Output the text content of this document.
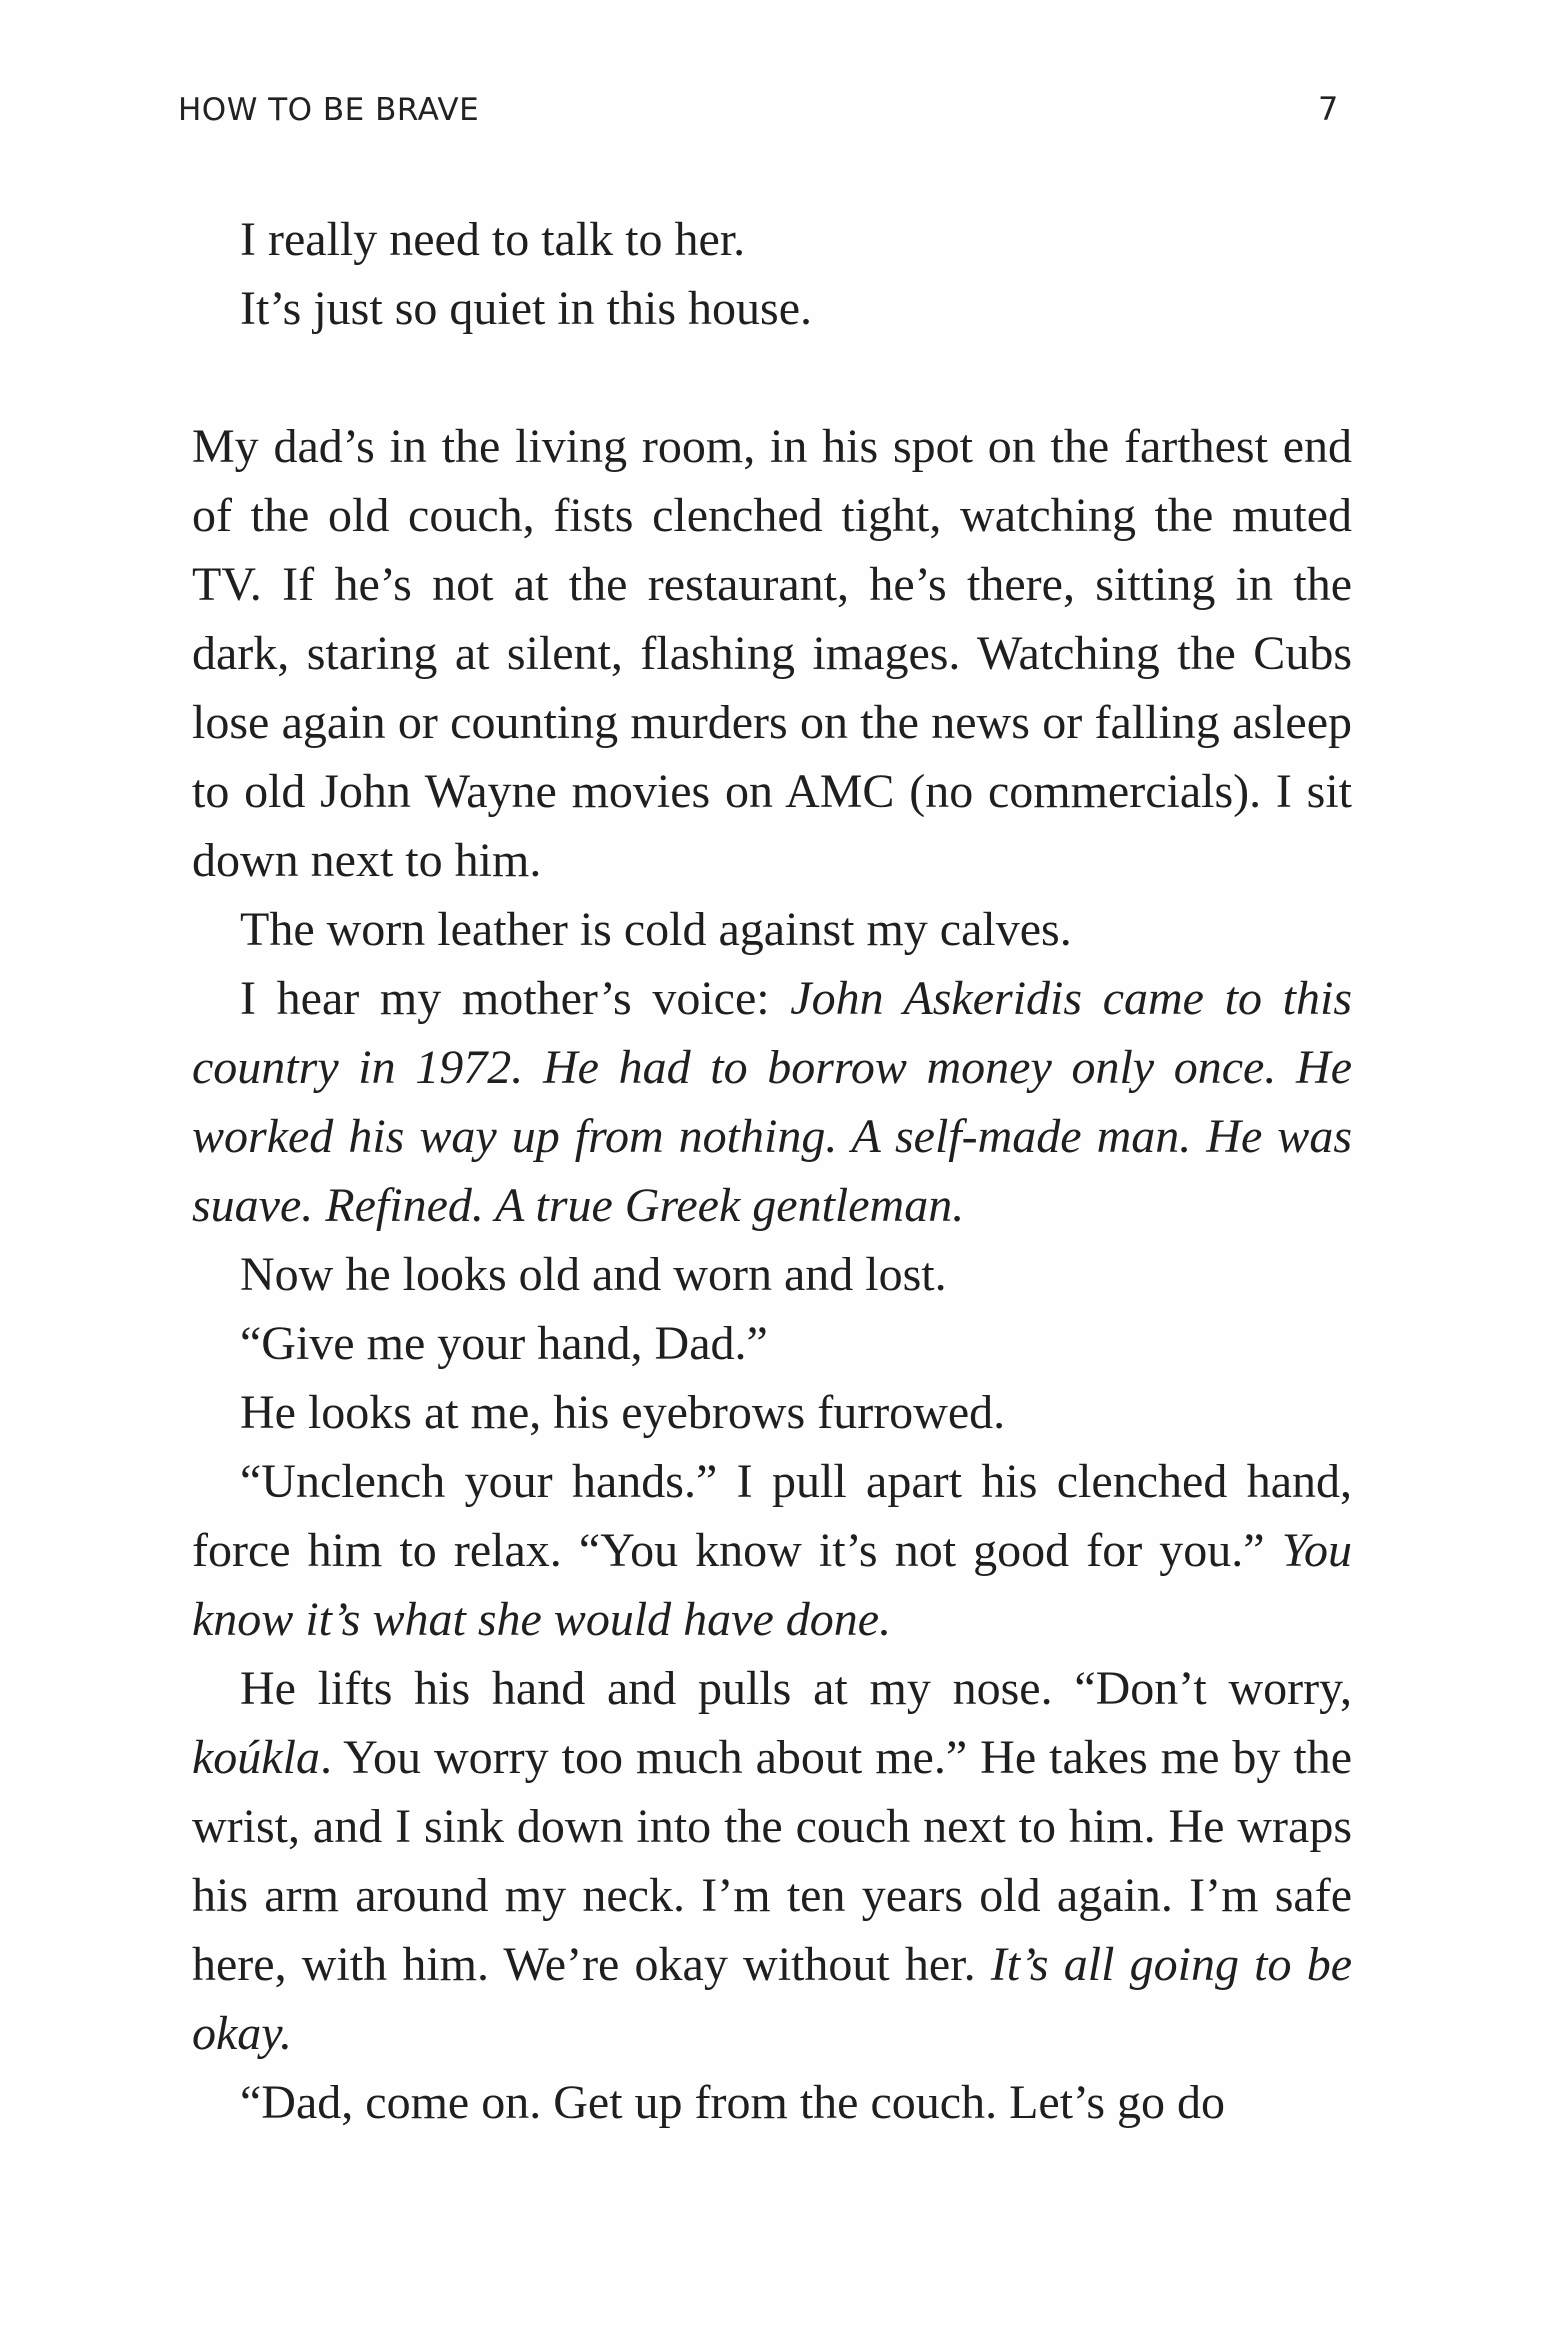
HOW TO BE BRAVE	7

I really need to talk to her.

It’s just so quiet in this house.

My dad’s in the living room, in his spot on the farthest end of the old couch, fists clenched tight, watching the muted TV. If he’s not at the restaurant, he’s there, sitting in the dark, staring at silent, flashing images. Watching the Cubs lose again or counting murders on the news or falling asleep to old John Wayne movies on AMC (no commercials). I sit down next to him.

The worn leather is cold against my calves.

I hear my mother’s voice: John Askeridis came to this country in 1972. He had to borrow money only once. He worked his way up from nothing. A self-made man. He was suave. Refined. A true Greek gentleman.

Now he looks old and worn and lost.

“Give me your hand, Dad.”

He looks at me, his eyebrows furrowed.

“Unclench your hands.” I pull apart his clenched hand, force him to relax. “You know it’s not good for you.” You know it’s what she would have done.

He lifts his hand and pulls at my nose. “Don’t worry, koúkla. You worry too much about me.” He takes me by the wrist, and I sink down into the couch next to him. He wraps his arm around my neck. I’m ten years old again. I’m safe here, with him. We’re okay without her. It’s all going to be okay.

“Dad, come on. Get up from the couch. Let’s go do
